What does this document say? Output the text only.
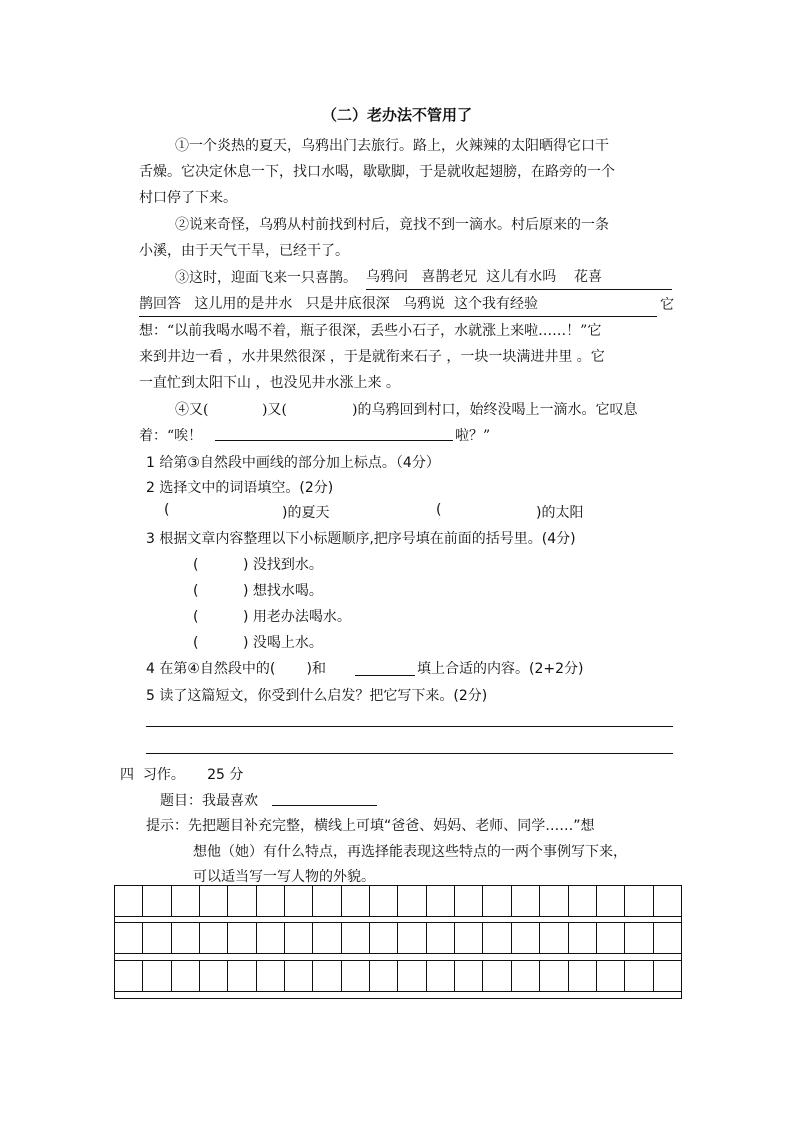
（二）老办法不管用了
①一个炎热的夏天，乌鸦出门去旅行。路上，火辣辣的太阳晒得它口干
舌燥。它决定休息一下，找口水喝，歇歇脚，于是就收起翅膀，在路旁的一个
村口停了下来。
②说来奇怪，乌鸦从村前找到村后，竟找不到一滴水。村后原来的一条
小溪，由于天气干旱，已经干了。
③这时，迎面飞来一只喜鹊。 乌鸦问   喜鹊老兄  这儿有水吗    花喜
鹊回答   这儿用的是井水   只是井底很深   乌鸦说  这个我有经验	它
想：“以前我喝水喝不着，瓶子很深，丢些小石子，水就涨上来啦……！”它
来到井边一看 ，水井果然很深 ，于是就衔来石子 ，一块一块满进井里 。它
一直忙到太阳下山 ，也没见井水涨上来 。
④又(	)又(	)的乌鸦回到村口，始终没喝上一滴水。它叹息
着：“唉！	啦？”
1 给第③自然段中画线的部分加上标点。（4分）
2 选择文中的词语填空。(2分)
(	)的夏天	(	)的太阳
3 根据文章内容整理以下小标题顺序,把序号填在前面的括号里。(4分)
(          ) 没找到水。
(          ) 想找水喝。
(          ) 用老办法喝水。
(          ) 没喝上水。
4 在第④自然段中的(       )和	填上合适的内容。(2+2分)
5 读了这篇短文，你受到什么启发？把它写下来。(2分)
四  习作。     25 分
题目：我最喜欢
提示：先把题目补充完整，横线上可填“爸爸、妈妈、老师、同学……”想
想他（她）有什么特点，再选择能表现这些特点的一两个事例写下来，
可以适当写一写人物的外貌。
